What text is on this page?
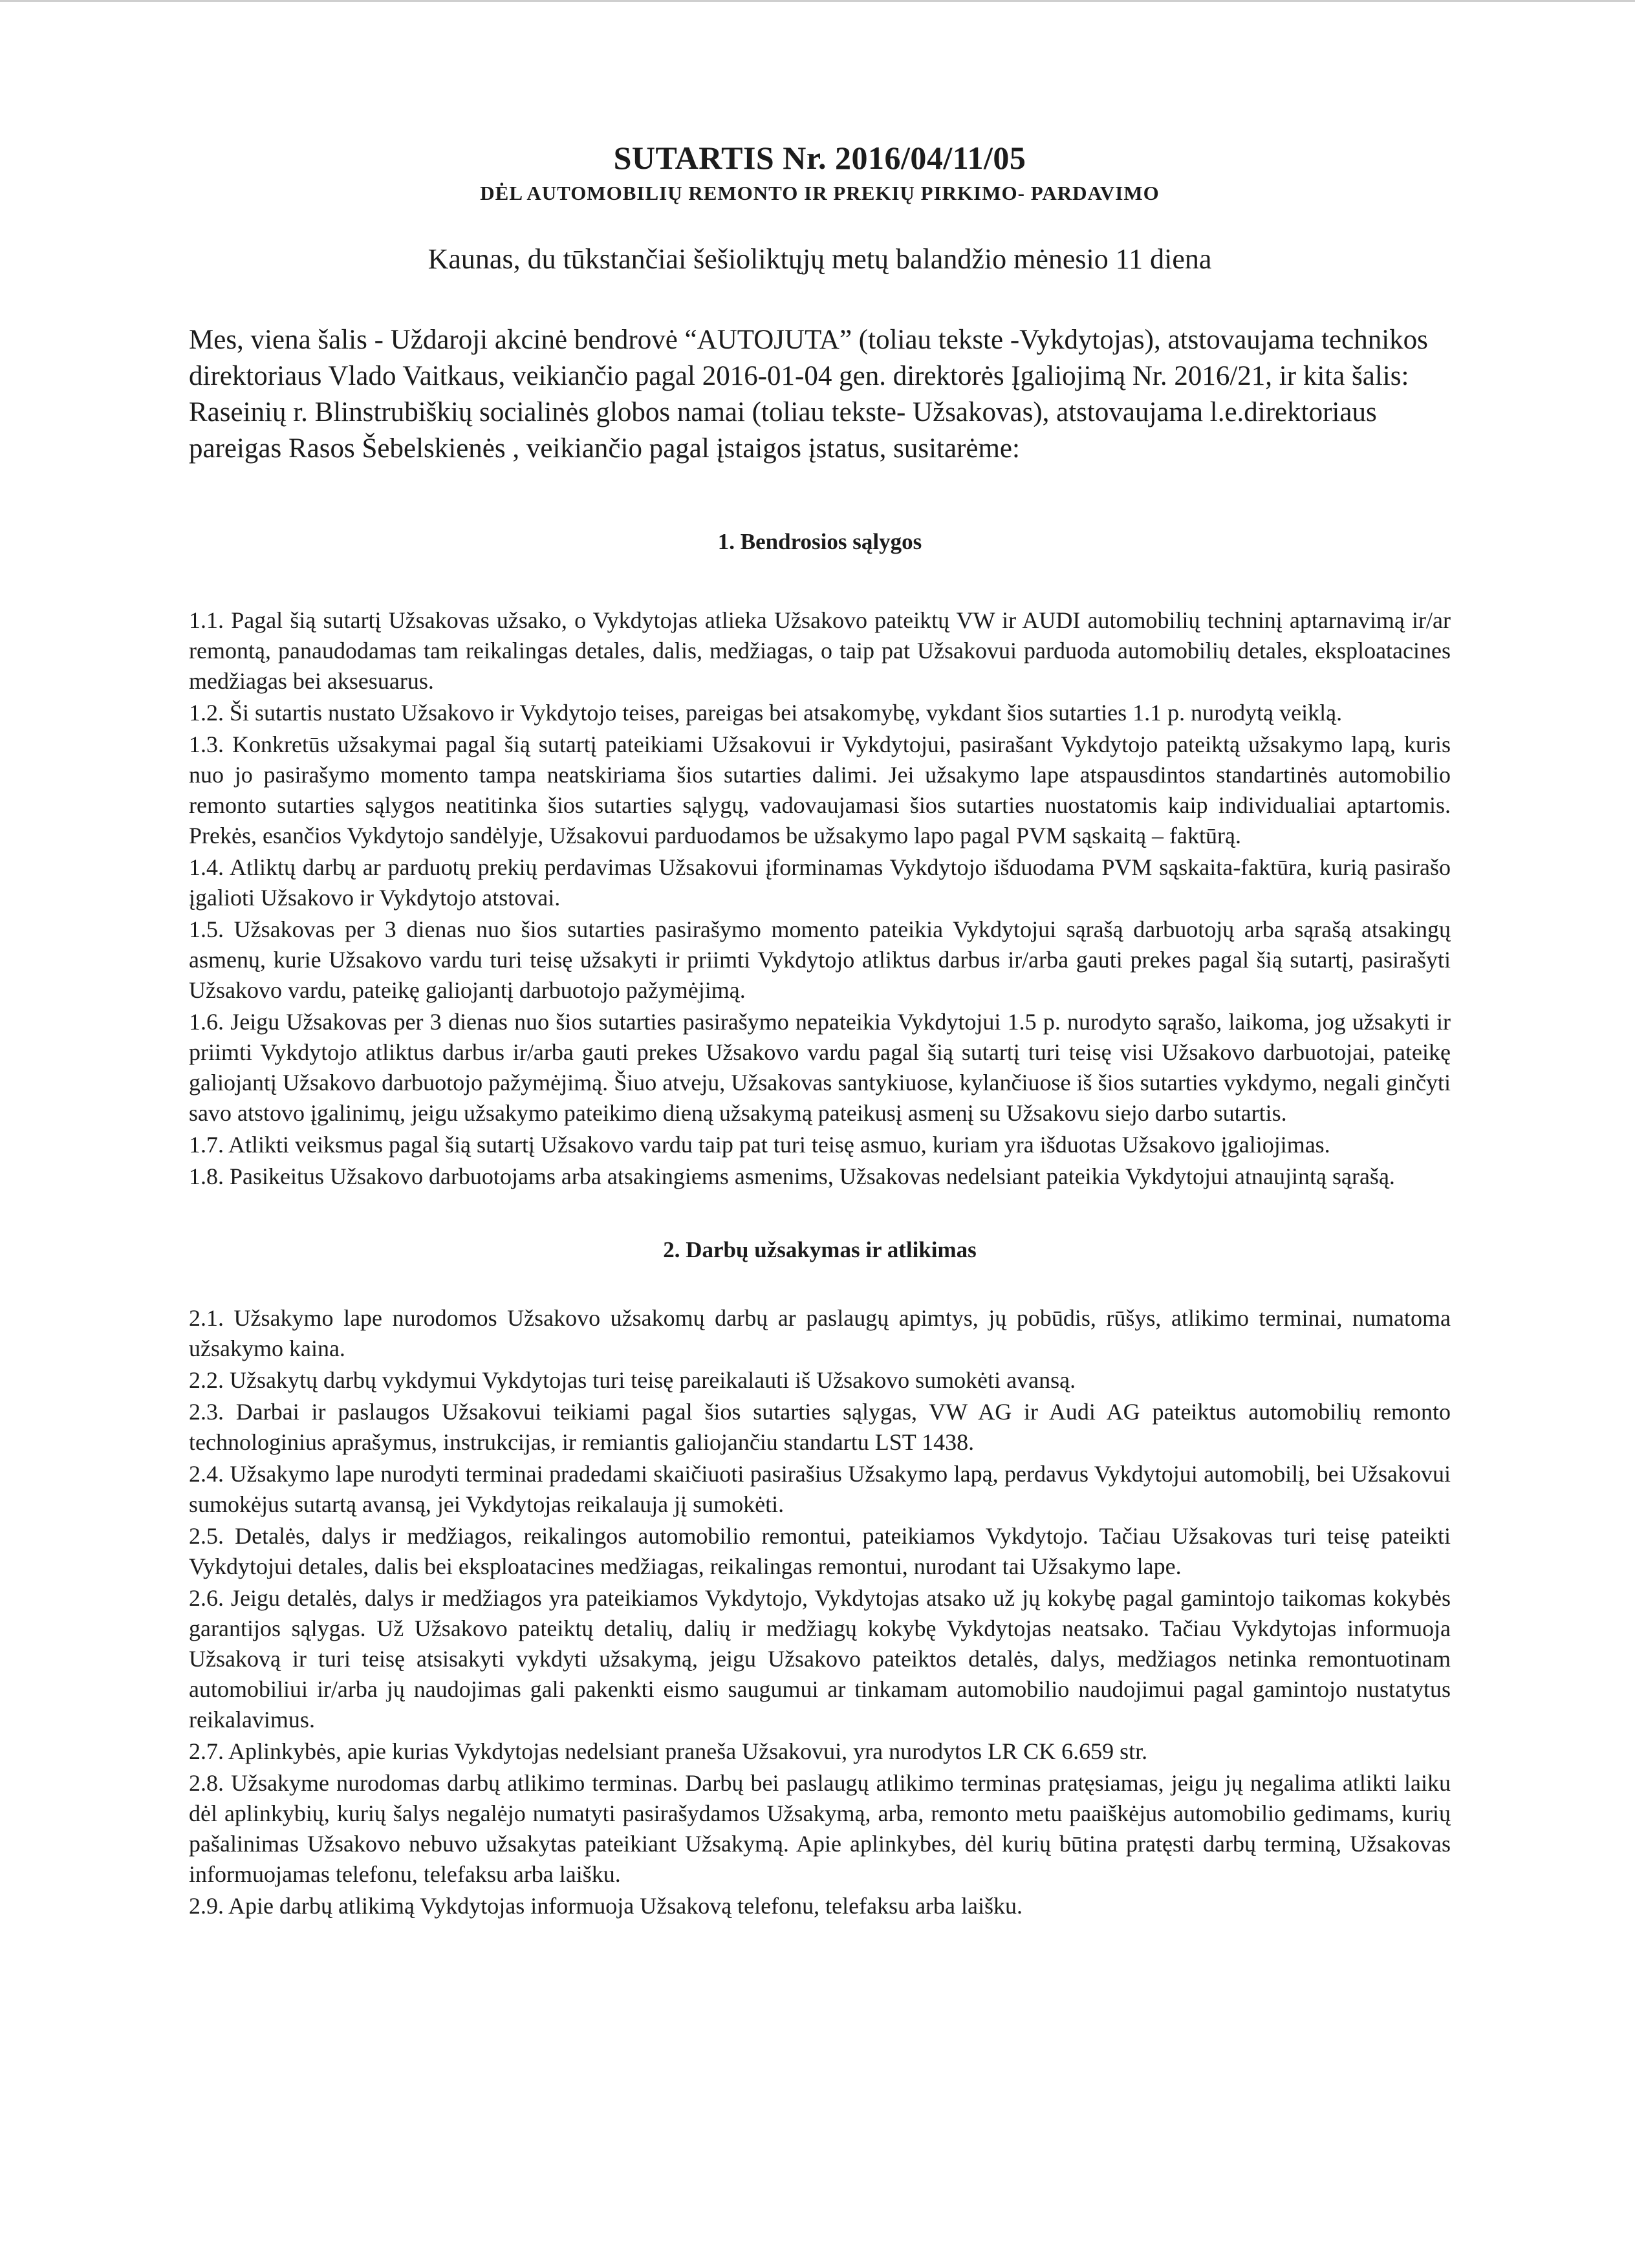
SUTARTIS Nr. 2016/04/11/05
DĖL AUTOMOBILIŲ REMONTO IR PREKIŲ PIRKIMO- PARDAVIMO
Kaunas, du tūkstančiai šešioliktųjų metų balandžio mėnesio 11 diena

Mes, viena šalis - Uždaroji akcinė bendrovė “AUTOJUTA” (toliau tekste -Vykdytojas), atstovaujama technikos direktoriaus Vlado Vaitkaus, veikiančio pagal 2016-01-04 gen. direktorės Įgaliojimą Nr. 2016/21, ir kita šalis:

Raseinių r. Blinstrubiškių socialinės globos namai (toliau tekste- Užsakovas), atstovaujama l.e.direktoriaus pareigas Rasos Šebelskienės , veikiančio pagal įstaigos įstatus, susitarėme:

1. Bendrosios sąlygos

1.1. Pagal šią sutartį Užsakovas užsako, o Vykdytojas atlieka Užsakovo pateiktų VW ir AUDI automobilių techninį aptarnavimą ir/ar remontą, panaudodamas tam reikalingas detales, dalis, medžiagas, o taip pat Užsakovui parduoda automobilių detales, eksploatacines medžiagas bei aksesuarus.

1.2. Ši sutartis nustato Užsakovo ir Vykdytojo teises, pareigas bei atsakomybę, vykdant šios sutarties 1.1 p. nurodytą veiklą.

1.3. Konkretūs užsakymai pagal šią sutartį pateikiami Užsakovui ir Vykdytojui, pasirašant Vykdytojo pateiktą užsakymo lapą, kuris nuo jo pasirašymo momento tampa neatskiriama šios sutarties dalimi. Jei užsakymo lape atspausdintos standartinės automobilio remonto sutarties sąlygos neatitinka šios sutarties sąlygų, vadovaujamasi šios sutarties nuostatomis kaip individualiai aptartomis. Prekės, esančios Vykdytojo sandėlyje, Užsakovui parduodamos be užsakymo lapo pagal PVM sąskaitą – faktūrą.

1.4. Atliktų darbų ar parduotų prekių perdavimas Užsakovui įforminamas Vykdytojo išduodama PVM sąskaita-faktūra, kurią pasirašo įgalioti Užsakovo ir Vykdytojo atstovai.

1.5. Užsakovas per 3 dienas nuo šios sutarties pasirašymo momento pateikia Vykdytojui sąrašą darbuotojų arba sąrašą atsakingų asmenų, kurie Užsakovo vardu turi teisę užsakyti ir priimti Vykdytojo atliktus darbus ir/arba gauti prekes pagal šią sutartį, pasirašyti Užsakovo vardu, pateikę galiojantį darbuotojo pažymėjimą.

1.6. Jeigu Užsakovas per 3 dienas nuo šios sutarties pasirašymo nepateikia Vykdytojui 1.5 p. nurodyto sąrašo, laikoma, jog užsakyti ir priimti Vykdytojo atliktus darbus ir/arba gauti prekes Užsakovo vardu pagal šią sutartį turi teisę visi Užsakovo darbuotojai, pateikę galiojantį Užsakovo darbuotojo pažymėjimą. Šiuo atveju, Užsakovas santykiuose, kylančiuose iš šios sutarties vykdymo, negali ginčyti savo atstovo įgalinimų, jeigu užsakymo pateikimo dieną užsakymą pateikusį asmenį su Užsakovu siejo darbo sutartis.

1.7. Atlikti veiksmus pagal šią sutartį Užsakovo vardu taip pat turi teisę asmuo, kuriam yra išduotas Užsakovo įgaliojimas.

1.8. Pasikeitus Užsakovo darbuotojams arba atsakingiems asmenims, Užsakovas nedelsiant pateikia Vykdytojui atnaujintą sąrašą.

2. Darbų užsakymas ir atlikimas

2.1. Užsakymo lape nurodomos Užsakovo užsakomų darbų ar paslaugų apimtys, jų pobūdis, rūšys, atlikimo terminai, numatoma užsakymo kaina.

2.2. Užsakytų darbų vykdymui Vykdytojas turi teisę pareikalauti iš Užsakovo sumokėti avansą.

2.3. Darbai ir paslaugos Užsakovui teikiami pagal šios sutarties sąlygas, VW AG ir Audi AG pateiktus automobilių remonto technologinius aprašymus, instrukcijas, ir remiantis galiojančiu standartu LST 1438.

2.4. Užsakymo lape nurodyti terminai pradedami skaičiuoti pasirašius Užsakymo lapą, perdavus Vykdytojui automobilį, bei Užsakovui sumokėjus sutartą avansą, jei Vykdytojas reikalauja jį sumokėti.

2.5. Detalės, dalys ir medžiagos, reikalingos automobilio remontui, pateikiamos Vykdytojo. Tačiau Užsakovas turi teisę pateikti Vykdytojui detales, dalis bei eksploatacines medžiagas, reikalingas remontui, nurodant tai Užsakymo lape.

2.6. Jeigu detalės, dalys ir medžiagos yra pateikiamos Vykdytojo, Vykdytojas atsako už jų kokybę pagal gamintojo taikomas kokybės garantijos sąlygas. Už Užsakovo pateiktų detalių, dalių ir medžiagų kokybę Vykdytojas neatsako. Tačiau Vykdytojas informuoja Užsakovą ir turi teisę atsisakyti vykdyti užsakymą, jeigu Užsakovo pateiktos detalės, dalys, medžiagos netinka remontuotinam automobiliui ir/arba jų naudojimas gali pakenkti eismo saugumui ar tinkamam automobilio naudojimui pagal gamintojo nustatytus reikalavimus.

2.7. Aplinkybės, apie kurias Vykdytojas nedelsiant praneša Užsakovui, yra nurodytos LR CK 6.659 str.

2.8. Užsakyme nurodomas darbų atlikimo terminas. Darbų bei paslaugų atlikimo terminas pratęsiamas, jeigu jų negalima atlikti laiku dėl aplinkybių, kurių šalys negalėjo numatyti pasirašydamos Užsakymą, arba, remonto metu paaiškėjus automobilio gedimams, kurių pašalinimas Užsakovo nebuvo užsakytas pateikiant Užsakymą. Apie aplinkybes, dėl kurių būtina pratęsti darbų terminą, Užsakovas informuojamas telefonu, telefaksu arba laišku.

2.9. Apie darbų atlikimą Vykdytojas informuoja Užsakovą telefonu, telefaksu arba laišku.
